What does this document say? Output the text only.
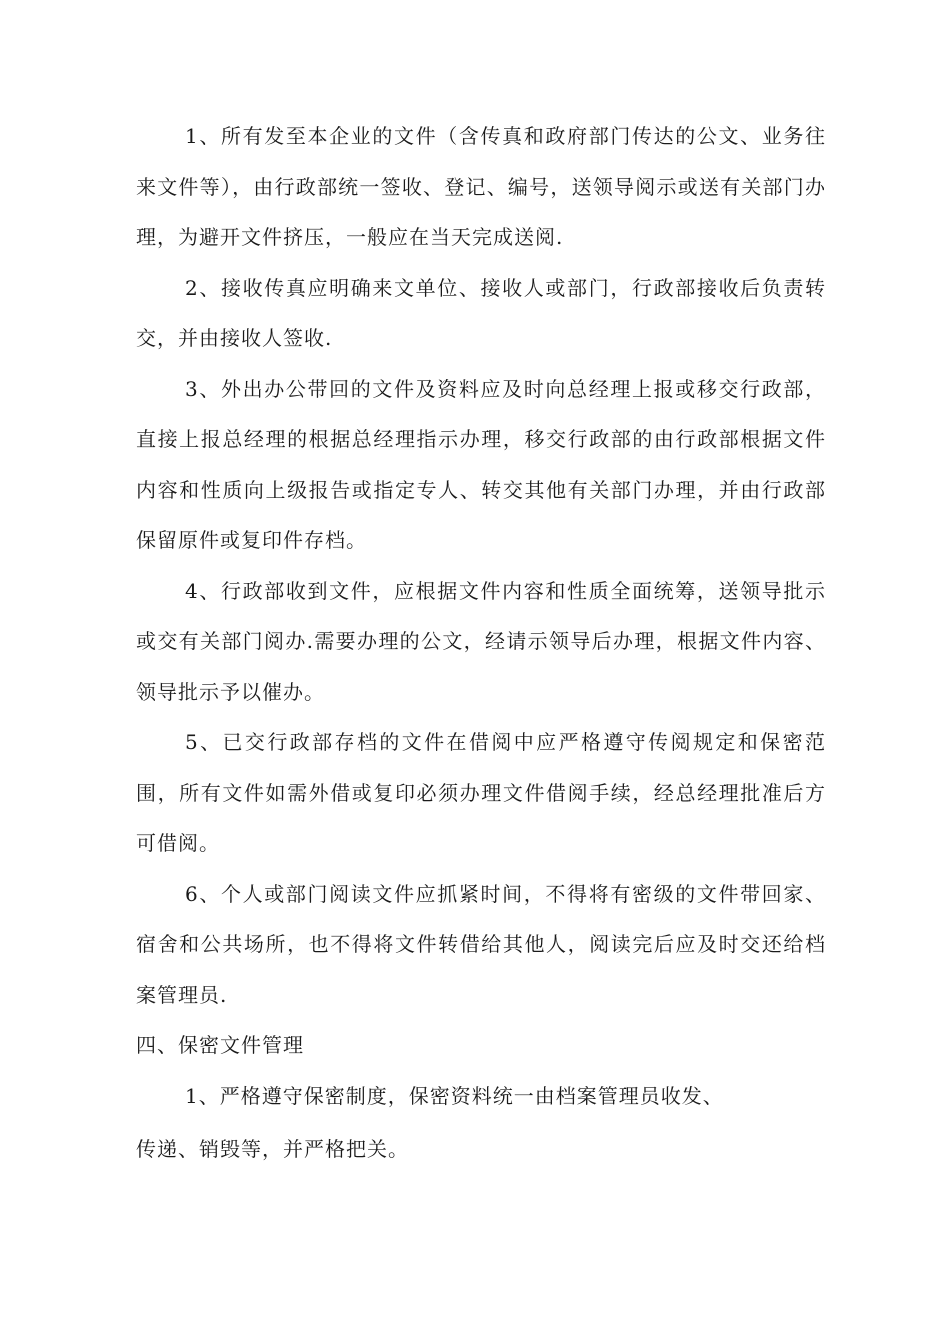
1、所有发至本企业的文件（含传真和政府部门传达的公文、业务往来文件等），由行政部统一签收、登记、编号，送领导阅示或送有关部门办理，为避开文件挤压，一般应在当天完成送阅.

2、接收传真应明确来文单位、接收人或部门，行政部接收后负责转交，并由接收人签收.

3、外出办公带回的文件及资料应及时向总经理上报或移交行政部，直接上报总经理的根据总经理指示办理，移交行政部的由行政部根据文件内容和性质向上级报告或指定专人、转交其他有关部门办理，并由行政部保留原件或复印件存档。

4、行政部收到文件，应根据文件内容和性质全面统筹，送领导批示或交有关部门阅办.需要办理的公文，经请示领导后办理，根据文件内容、领导批示予以催办。

5、已交行政部存档的文件在借阅中应严格遵守传阅规定和保密范围，所有文件如需外借或复印必须办理文件借阅手续，经总经理批准后方可借阅。

6、个人或部门阅读文件应抓紧时间，不得将有密级的文件带回家、宿舍和公共场所，也不得将文件转借给其他人，阅读完后应及时交还给档案管理员.

四、保密文件管理

1、严格遵守保密制度，保密资料统一由档案管理员收发、
传递、销毁等，并严格把关。
